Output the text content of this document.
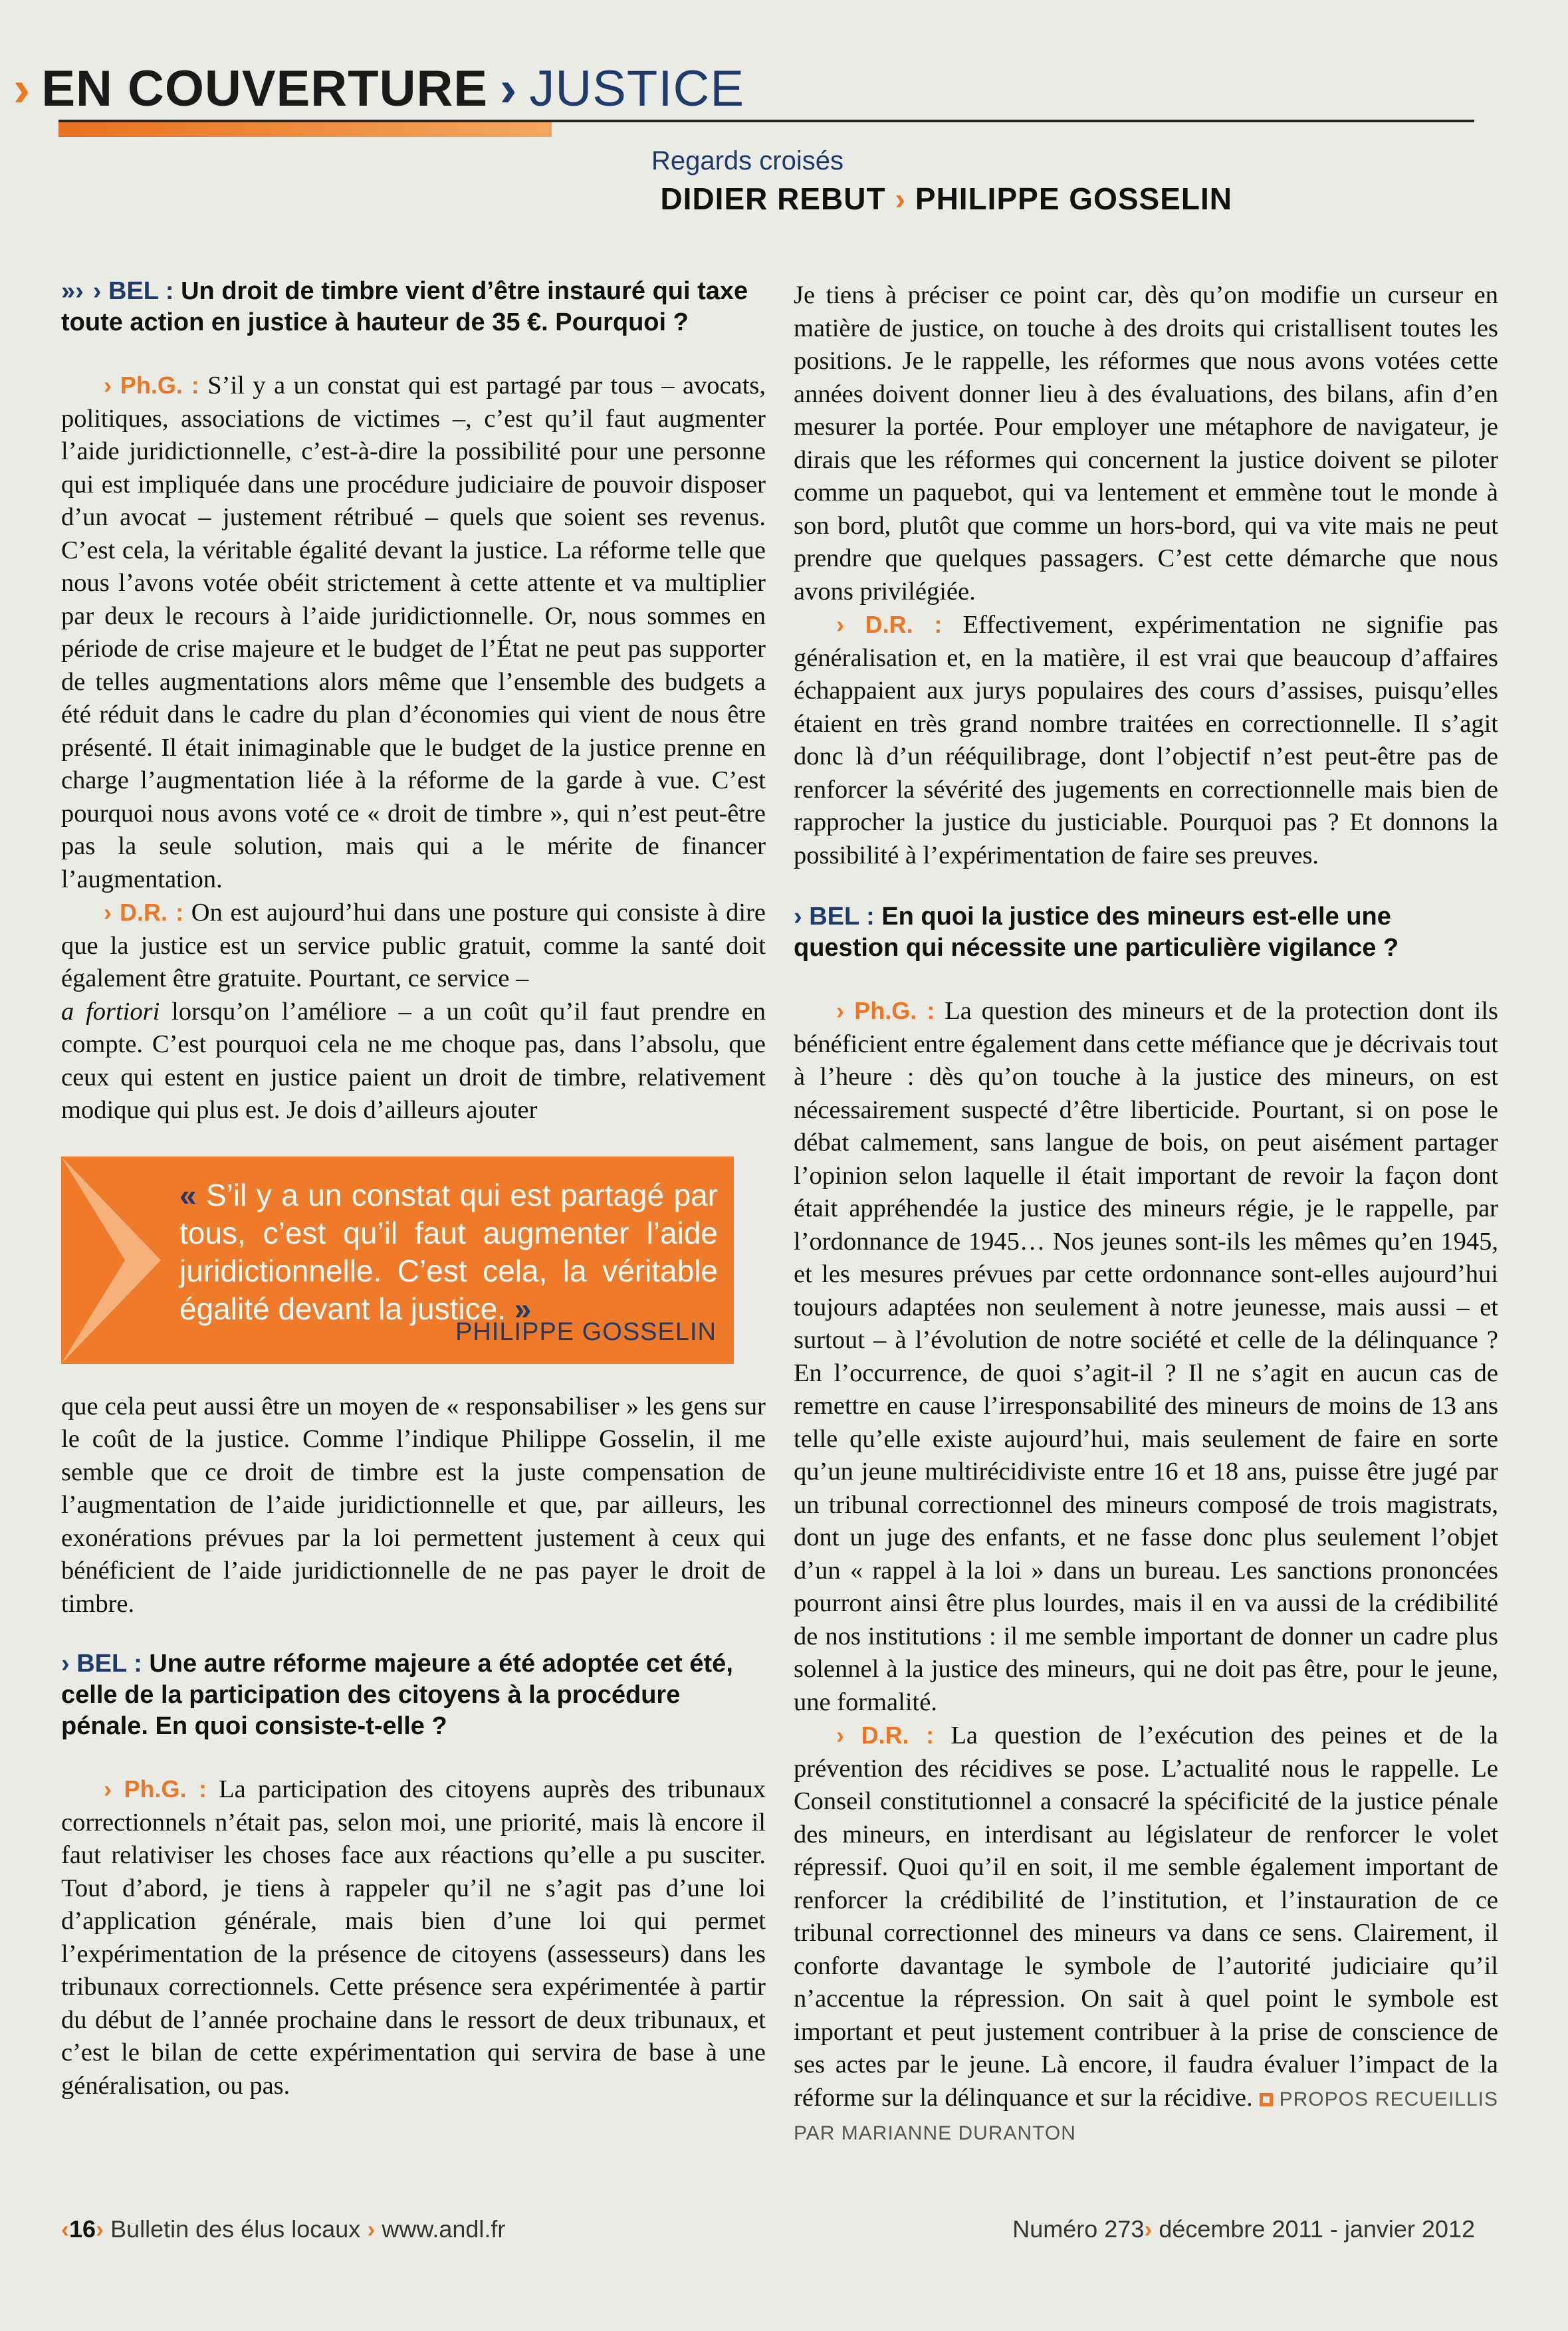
› EN COUVERTURE › JUSTICE
Regards croisés
DIDIER REBUT › PHILIPPE GOSSELIN
»› › BEL : Un droit de timbre vient d’être instauré qui taxe toute action en justice à hauteur de 35 €. Pourquoi ?

› Ph.G. : S’il y a un constat qui est partagé par tous – avocats, politiques, associations de victimes –, c’est qu’il faut augmenter l’aide juridictionnelle, c’est-à-dire la possibilité pour une personne qui est impliquée dans une procédure judiciaire de pouvoir disposer d’un avocat – justement rétribué – quels que soient ses revenus. C’est cela, la véritable égalité devant la justice. La réforme telle que nous l’avons votée obéit strictement à cette attente et va multiplier par deux le recours à l’aide juridictionnelle. Or, nous sommes en période de crise majeure et le budget de l’État ne peut pas supporter de telles augmentations alors même que l’ensemble des budgets a été réduit dans le cadre du plan d’économies qui vient de nous être présenté. Il était inimaginable que le budget de la justice prenne en charge l’augmentation liée à la réforme de la garde à vue. C’est pourquoi nous avons voté ce « droit de timbre », qui n’est peut-être pas la seule solution, mais qui a le mérite de financer l’augmentation.

› D.R. : On est aujourd’hui dans une posture qui consiste à dire que la justice est un service public gratuit, comme la santé doit également être gratuite. Pourtant, ce service –
a fortiori lorsqu’on l’améliore – a un coût qu’il faut prendre en compte. C’est pourquoi cela ne me choque pas, dans l’absolu, que ceux qui estent en justice paient un droit de timbre, relativement modique qui plus est. Je dois d’ailleurs ajouter

« S’il y a un constat qui est partagé par tous, c’est qu’il faut augmenter l’aide juridictionnelle. C’est cela, la véritable égalité devant la justice. »
PHILIPPE GOSSELIN

que cela peut aussi être un moyen de « responsabiliser » les gens sur le coût de la justice. Comme l’indique Philippe Gosselin, il me semble que ce droit de timbre est la juste compensation de l’augmentation de l’aide juridictionnelle et que, par ailleurs, les exonérations prévues par la loi permettent justement à ceux qui bénéficient de l’aide juridictionnelle de ne pas payer le droit de timbre.

› BEL : Une autre réforme majeure a été adoptée cet été, celle de la participation des citoyens à la procédure pénale. En quoi consiste-t-elle ?

› Ph.G. : La participation des citoyens auprès des tribunaux correctionnels n’était pas, selon moi, une priorité, mais là encore il faut relativiser les choses face aux réactions qu’elle a pu susciter. Tout d’abord, je tiens à rappeler qu’il ne s’agit pas d’une loi d’application générale, mais bien d’une loi qui permet l’expérimentation de la présence de citoyens (assesseurs) dans les tribunaux correctionnels. Cette présence sera expérimentée à partir du début de l’année prochaine dans le ressort de deux tribunaux, et c’est le bilan de cette expérimentation qui servira de base à une généralisation, ou pas.

Je tiens à préciser ce point car, dès qu’on modifie un curseur en matière de justice, on touche à des droits qui cristallisent toutes les positions. Je le rappelle, les réformes que nous avons votées cette années doivent donner lieu à des évaluations, des bilans, afin d’en mesurer la portée. Pour employer une métaphore de navigateur, je dirais que les réformes qui concernent la justice doivent se piloter comme un paquebot, qui va lentement et emmène tout le monde à son bord, plutôt que comme un hors-bord, qui va vite mais ne peut prendre que quelques passagers. C’est cette démarche que nous avons privilégiée.

› D.R. : Effectivement, expérimentation ne signifie pas généralisation et, en la matière, il est vrai que beaucoup d’affaires échappaient aux jurys populaires des cours d’assises, puisqu’elles étaient en très grand nombre traitées en correctionnelle. Il s’agit donc là d’un rééquilibrage, dont l’objectif n’est peut-être pas de renforcer la sévérité des jugements en correctionnelle mais bien de rapprocher la justice du justiciable. Pourquoi pas ? Et donnons la possibilité à l’expérimentation de faire ses preuves.

› BEL : En quoi la justice des mineurs est-elle une question qui nécessite une particulière vigilance ?

› Ph.G. : La question des mineurs et de la protection dont ils bénéficient entre également dans cette méfiance que je décrivais tout à l’heure : dès qu’on touche à la justice des mineurs, on est nécessairement suspecté d’être liberticide. Pourtant, si on pose le débat calmement, sans langue de bois, on peut aisément partager l’opinion selon laquelle il était important de revoir la façon dont était appréhendée la justice des mineurs régie, je le rappelle, par l’ordonnance de 1945… Nos jeunes sont-ils les mêmes qu’en 1945, et les mesures prévues par cette ordonnance sont-elles aujourd’hui toujours adaptées non seulement à notre jeunesse, mais aussi – et surtout – à l’évolution de notre société et celle de la délinquance ? En l’occurrence, de quoi s’agit-il ? Il ne s’agit en aucun cas de remettre en cause l’irresponsabilité des mineurs de moins de 13 ans telle qu’elle existe aujourd’hui, mais seulement de faire en sorte qu’un jeune multirécidiviste entre 16 et 18 ans, puisse être jugé par un tribunal correctionnel des mineurs composé de trois magistrats, dont un juge des enfants, et ne fasse donc plus seulement l’objet d’un « rappel à la loi » dans un bureau. Les sanctions prononcées pourront ainsi être plus lourdes, mais il en va aussi de la crédibilité de nos institutions : il me semble important de donner un cadre plus solennel à la justice des mineurs, qui ne doit pas être, pour le jeune, une formalité.

› D.R. : La question de l’exécution des peines et de la prévention des récidives se pose. L’actualité nous le rappelle. Le Conseil constitutionnel a consacré la spécificité de la justice pénale des mineurs, en interdisant au législateur de renforcer le volet répressif. Quoi qu’il en soit, il me semble également important de renforcer la crédibilité de l’institution, et l’instauration de ce tribunal correctionnel des mineurs va dans ce sens. Clairement, il conforte davantage le symbole de l’autorité judiciaire qu’il n’accentue la répression. On sait à quel point le symbole est important et peut justement contribuer à la prise de conscience de ses actes par le jeune. Là encore, il faudra évaluer l’impact de la réforme sur la délinquance et sur la récidive. PROPOS RECUEILLIS PAR MARIANNE DURANTON

‹16› Bulletin des élus locaux › www.andl.fr	Numéro 273› décembre 2011 - janvier 2012
